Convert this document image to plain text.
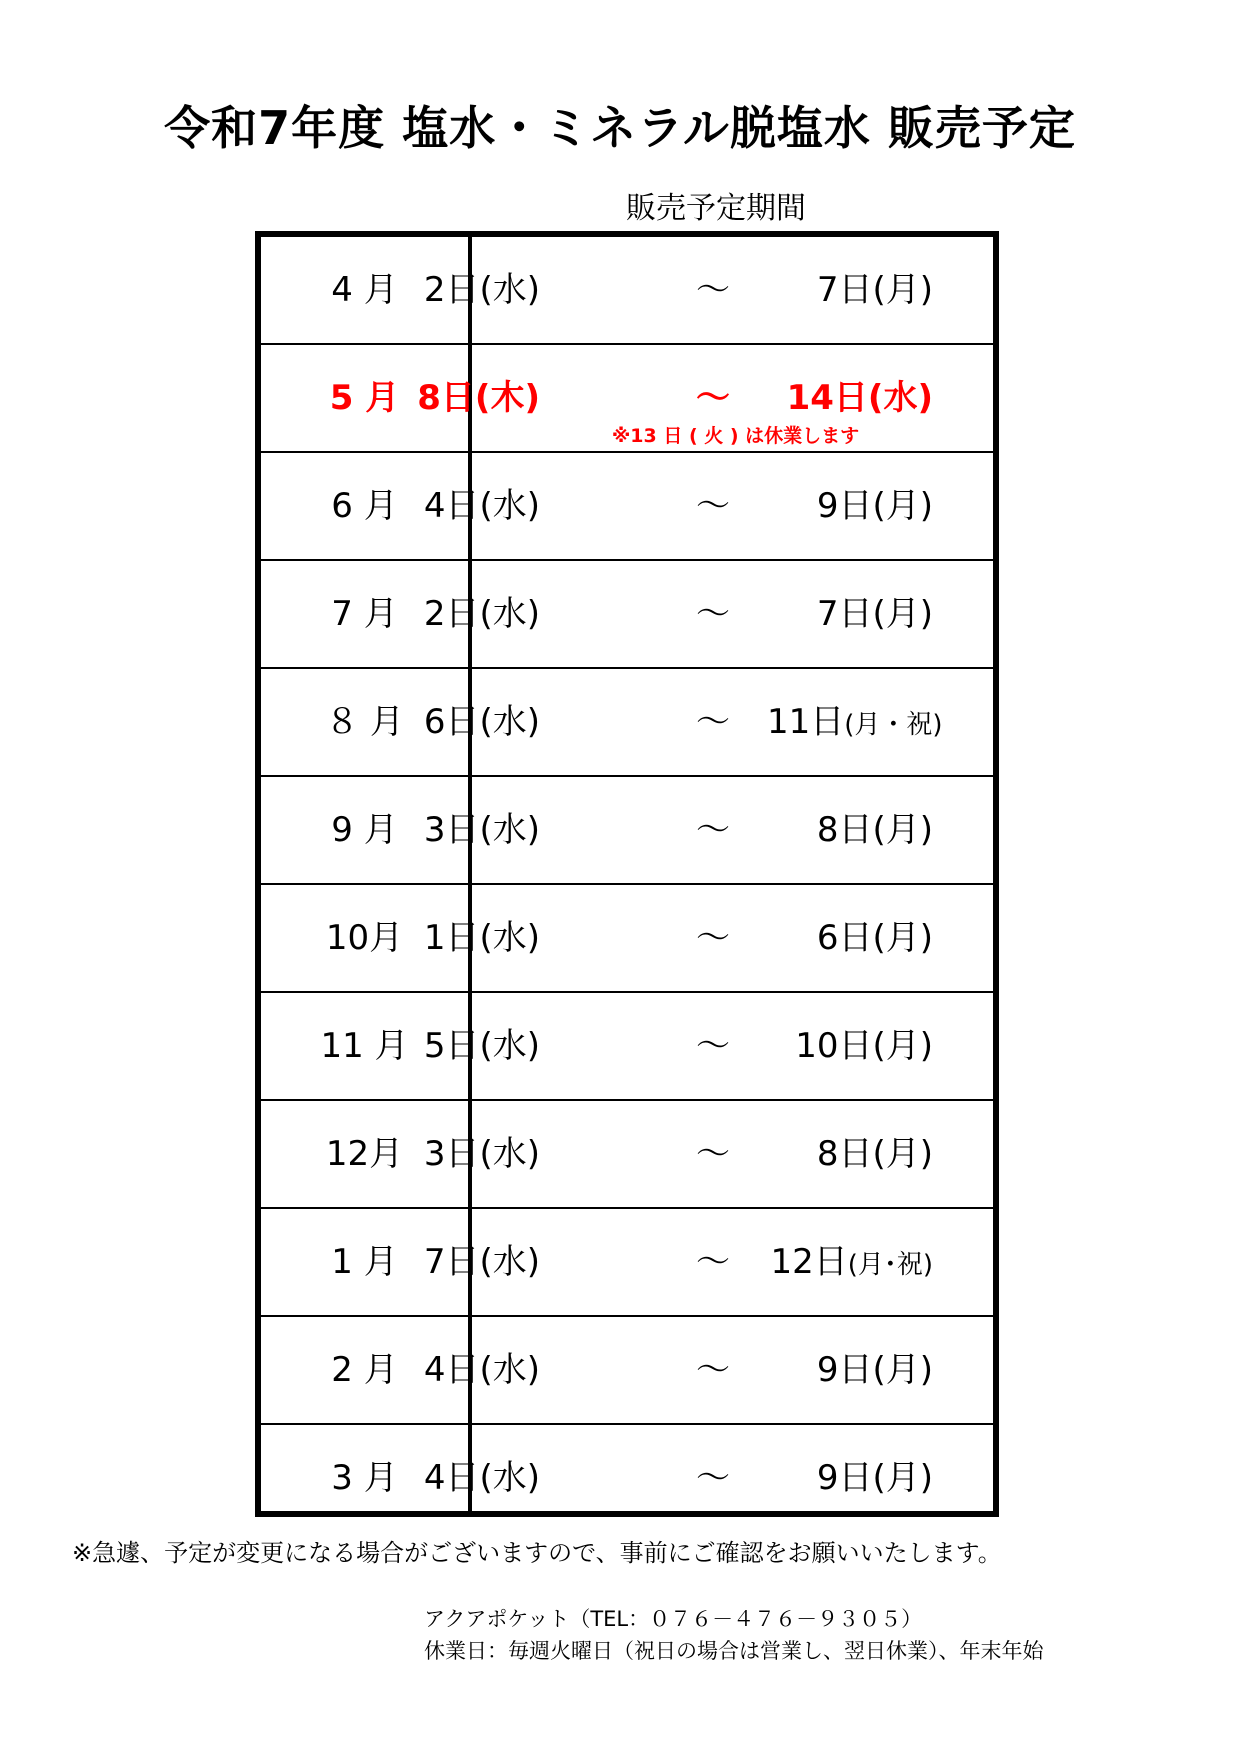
令和7年度 塩水・ミネラル脱塩水 販売予定
販売予定期間
4 月 2日(水)	～	7日(月)
5 月 8日(木)	～	14日(水)
※13 日 ( 火 ) は休業します
6 月 4日(水)	～	9日(月)
7 月 2日(水)	～	7日(月)
８ 月 6日(水)	～ 11日(月・祝)
9 月 3日(水)	～	8日(月)
10月 1日(水)	～	6日(月)
11 月 5日(水)	～	10日(月)
12月 3日(水)	～	8日(月)
1 月 7日(水)	～ 12日(月･祝)
2 月 4日(水)	～	9日(月)
3 月 4日(水)	～	9日(月)
※急遽、予定が変更になる場合がございますので、事前にご確認をお願いいたします。
アクアポケット（TEL：０７６－４７６－９３０５）
休業日：毎週火曜日（祝日の場合は営業し、翌日休業）、年末年始
